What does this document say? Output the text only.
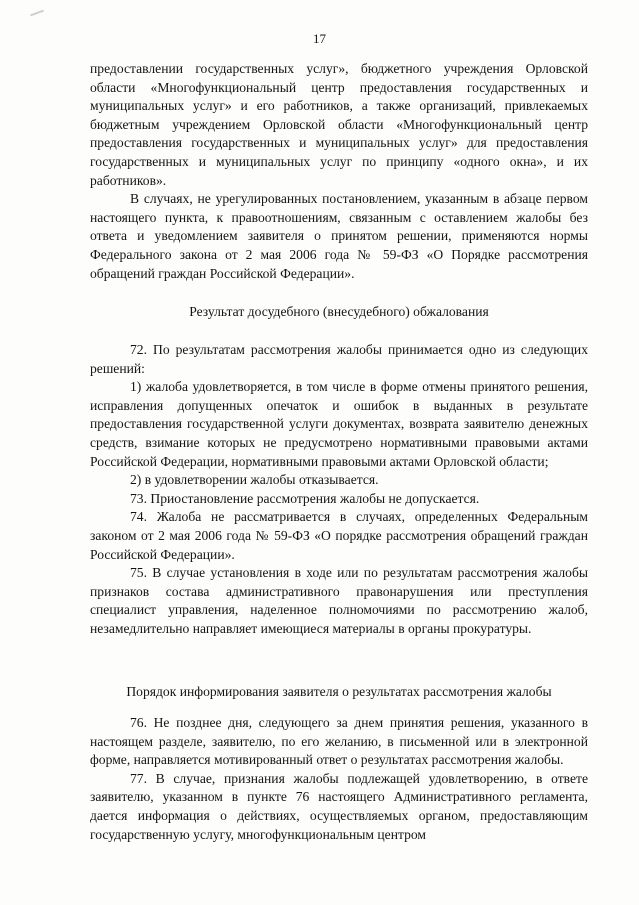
17

предоставлении государственных услуг», бюджетного учреждения Орловской области «Многофункциональный центр предоставления государственных и муниципальных услуг» и его работников, а также организаций, привлекаемых бюджетным учреждением Орловской области «Многофункциональный центр предоставления государственных и муниципальных услуг» для предоставления государственных и муниципальных услуг по принципу «одного окна», и их работников».

В случаях, не урегулированных постановлением, указанным в абзаце первом настоящего пункта, к правоотношениям, связанным с оставлением жалобы без ответа и уведомлением заявителя о принятом решении, применяются нормы Федерального закона от 2 мая 2006 года № 59-ФЗ «О Порядке рассмотрения обращений граждан Российской Федерации».

Результат досудебного (внесудебного) обжалования

72. По результатам рассмотрения жалобы принимается одно из следующих решений:

1) жалоба удовлетворяется, в том числе в форме отмены принятого решения, исправления допущенных опечаток и ошибок в выданных в результате предоставления государственной услуги документах, возврата заявителю денежных средств, взимание которых не предусмотрено нормативными правовыми актами Российской Федерации, нормативными правовыми актами Орловской области;

2) в удовлетворении жалобы отказывается.

73. Приостановление рассмотрения жалобы не допускается.

74. Жалоба не рассматривается в случаях, определенных Федеральным законом от 2 мая 2006 года № 59-ФЗ «О порядке рассмотрения обращений граждан Российской Федерации».

75. В случае установления в ходе или по результатам рассмотрения жалобы признаков состава административного правонарушения или преступления специалист управления, наделенное полномочиями по рассмотрению жалоб, незамедлительно направляет имеющиеся материалы в органы прокуратуры.

Порядок информирования заявителя о результатах рассмотрения жалобы

76. Не позднее дня, следующего за днем принятия решения, указанного в настоящем разделе, заявителю, по его желанию, в письменной или в электронной форме, направляется мотивированный ответ о результатах рассмотрения жалобы.

77. В случае, признания жалобы подлежащей удовлетворению, в ответе заявителю, указанном в пункте 76 настоящего Административного регламента, дается информация о действиях, осуществляемых органом, предоставляющим государственную услугу, многофункциональным центром
